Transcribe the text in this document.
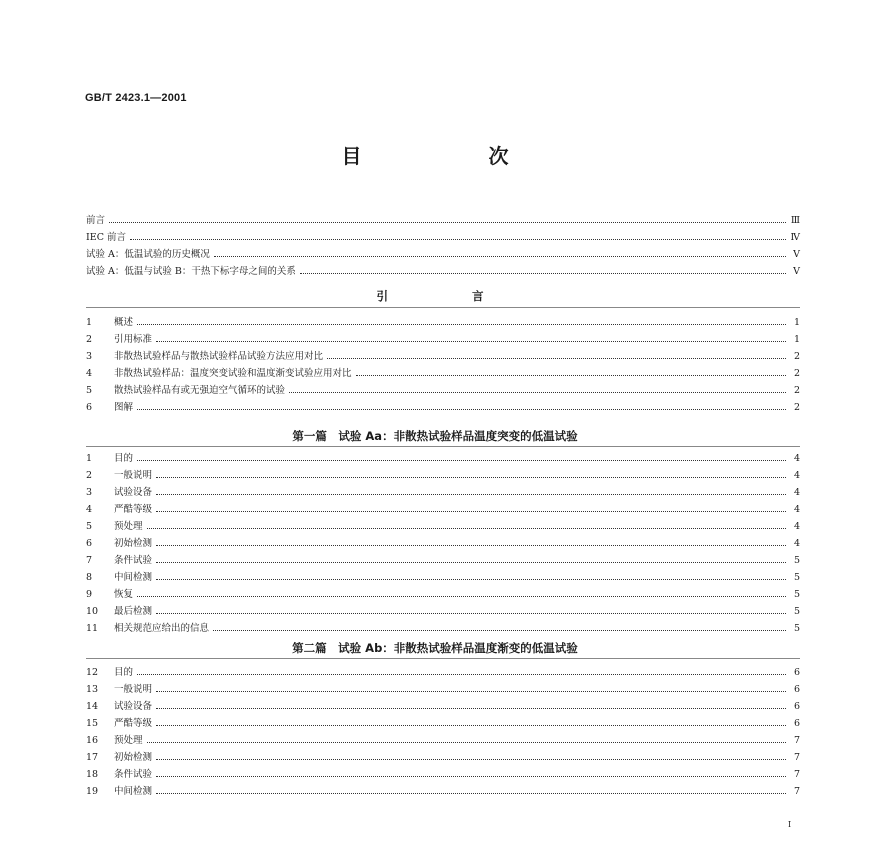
GB/T 2423.1—2001
目 次
前言	Ⅲ
IEC 前言	Ⅳ
试验 A：低温试验的历史概况	Ⅴ
试验 A：低温与试验 B：干热下标字母之间的关系	Ⅴ
引 言
1	概述	1
2	引用标准	1
3	非散热试验样品与散热试验样品试验方法应用对比	2
4	非散热试验样品：温度突变试验和温度渐变试验应用对比	2
5	散热试验样品有或无强迫空气循环的试验	2
6	图解	2
第一篇　试验 Aa：非散热试验样品温度突变的低温试验
1	目的	4
2	一般说明	4
3	试验设备	4
4	严酷等级	4
5	预处理	4
6	初始检测	4
7	条件试验	5
8	中间检测	5
9	恢复	5
10	最后检测	5
11	相关规范应给出的信息	5
第二篇　试验 Ab：非散热试验样品温度渐变的低温试验
12	目的	6
13	一般说明	6
14	试验设备	6
15	严酷等级	6
16	预处理	7
17	初始检测	7
18	条件试验	7
19	中间检测	7
Ⅰ
